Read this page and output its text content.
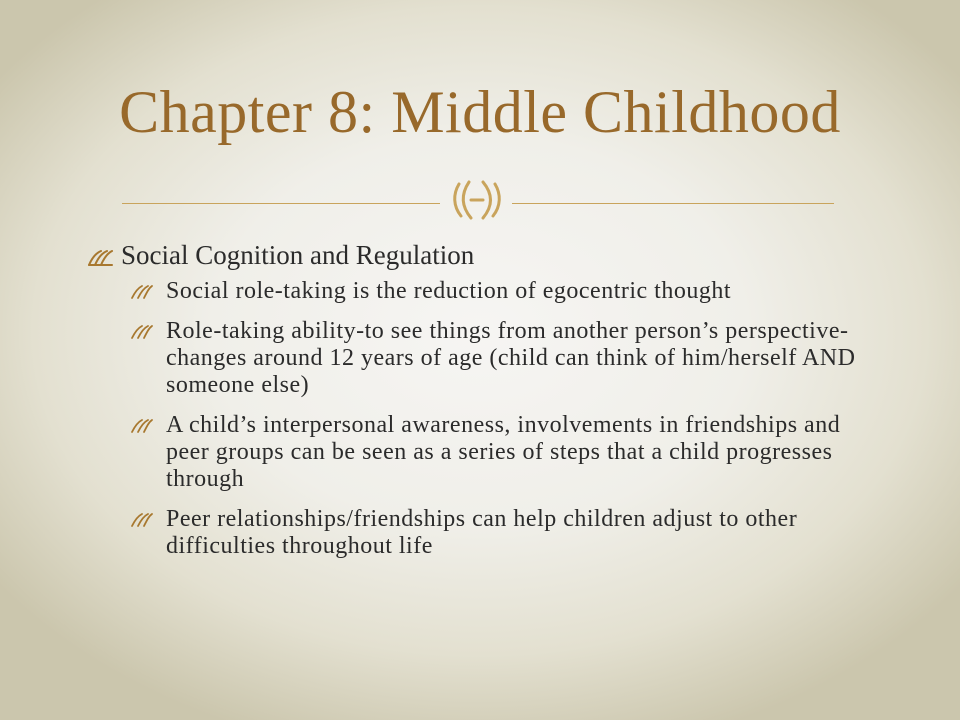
Chapter 8: Middle Childhood
Social Cognition and Regulation
Social role-taking is the reduction of egocentric thought
Role-taking ability-to see things from another person’s perspective-changes around 12 years of age (child can think of him/herself AND someone else)
A child’s interpersonal awareness, involvements in friendships and peer groups can be seen as a series of steps that a child progresses through
Peer relationships/friendships can help children adjust to other difficulties throughout life
